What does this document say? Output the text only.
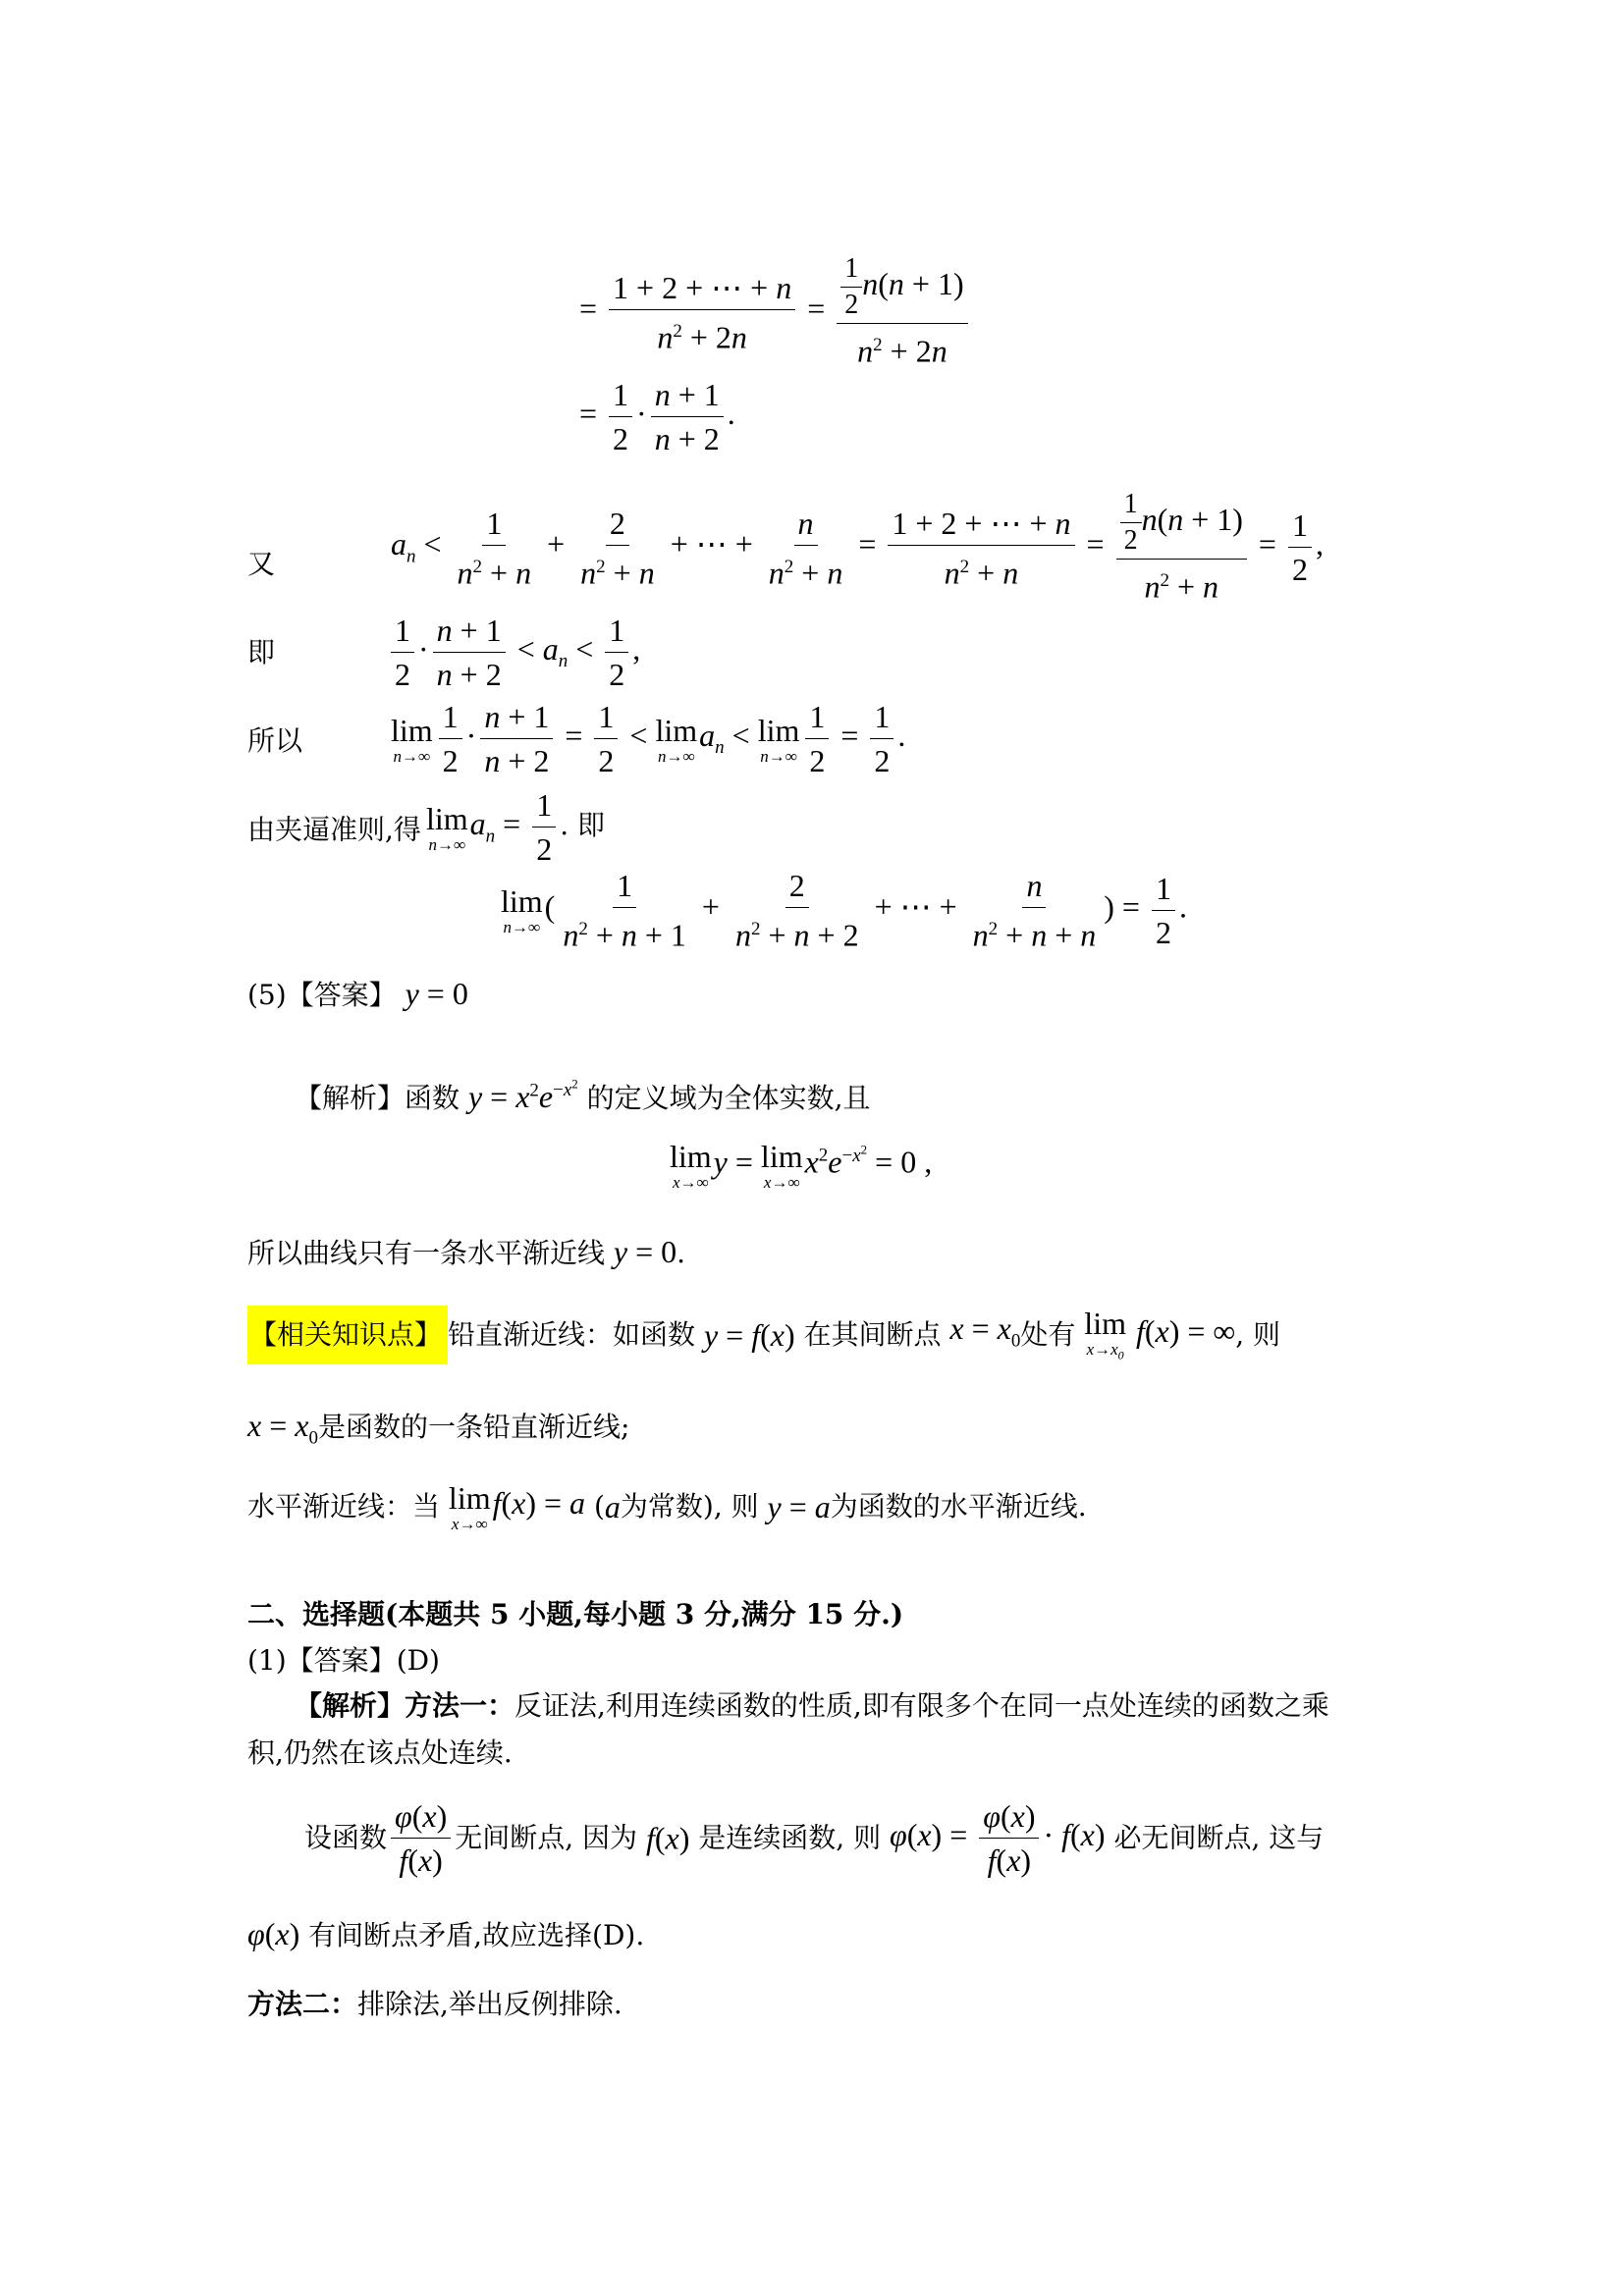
= $\frac{1 + 2 + \cdots + n}{n^2 + 2n} = \frac{\frac{1}{2} n(n + 1)}{n^2 + 2n}$
= $\frac{1}{2} \cdot \frac{n + 1}{n + 2}$ .
又
$a_n < \frac{1}{n^2 + n} + \frac{2}{n^2 + n}$ + ⋯ + $\frac{n}{n^2 + n} = \frac{1 + 2 + \cdots + n}{n^2 + n} = \frac{\frac{1}{2} n(n + 1)}{n^2 + n} = \frac{1}{2}$ ,
即	$\frac{1}{2} \cdot \frac{n + 1}{n + 2} < a_n < \frac{1}{2}$ ,
所以	lim
$n\to\infty \frac{1}{2} \cdot \frac{n + 1}{n + 2} = \frac{1}{2} < \lim$
n→∞
$a_n < \lim$
$n\to\infty \frac{1}{2} = \frac{1}{2}$ .
由夹逼准则,得 lim
n→∞
$a_n = \frac{1}{2}$ . 即
lim
n→∞
( $\frac{1}{n^2 + n + 1} + \frac{2}{n^2 + n + 2}$ + ⋯ + $\frac{n}{n^2 + n + n}$ ) = $\frac{1}{2}$ .
(5)【答案】 y = 0
【解析】函数 $y = x^2e^{-x^2}$ 的定义域为全体实数,且
lim
x→∞
y = lim
x→∞
$x^2e^{-x^2} = 0$ ,
所以曲线只有一条水平渐近线 y = 0.
【相关知识点】 铅直渐近线：如函数 y = f(x) 在其间断点 $x = x_0$处有 lim
$x\to x_0$
f(x) = ∞, 则
$x = x_0$是函数的一条铅直渐近线;
水平渐近线：当 lim
x→∞
f(x) = a (a为常数), 则 y = a为函数的水平渐近线.
二、选择题(本题共 5 小题,每小题 3 分,满分 15 分.)
(1)【答案】(D)
【解析】方法一：反证法,利用连续函数的性质,即有限多个在同一点处连续的函数之乘
积,仍然在该点处连续.
设函数 $\frac{\varphi(x)}{f(x)}$ 无间断点, 因为 f(x) 是连续函数, 则 $\varphi(x) = \frac{\varphi(x)}{f(x)} \cdot f(x)$ 必无间断点, 这与
φ(x) 有间断点矛盾,故应选择(D).
方法二：排除法,举出反例排除.
